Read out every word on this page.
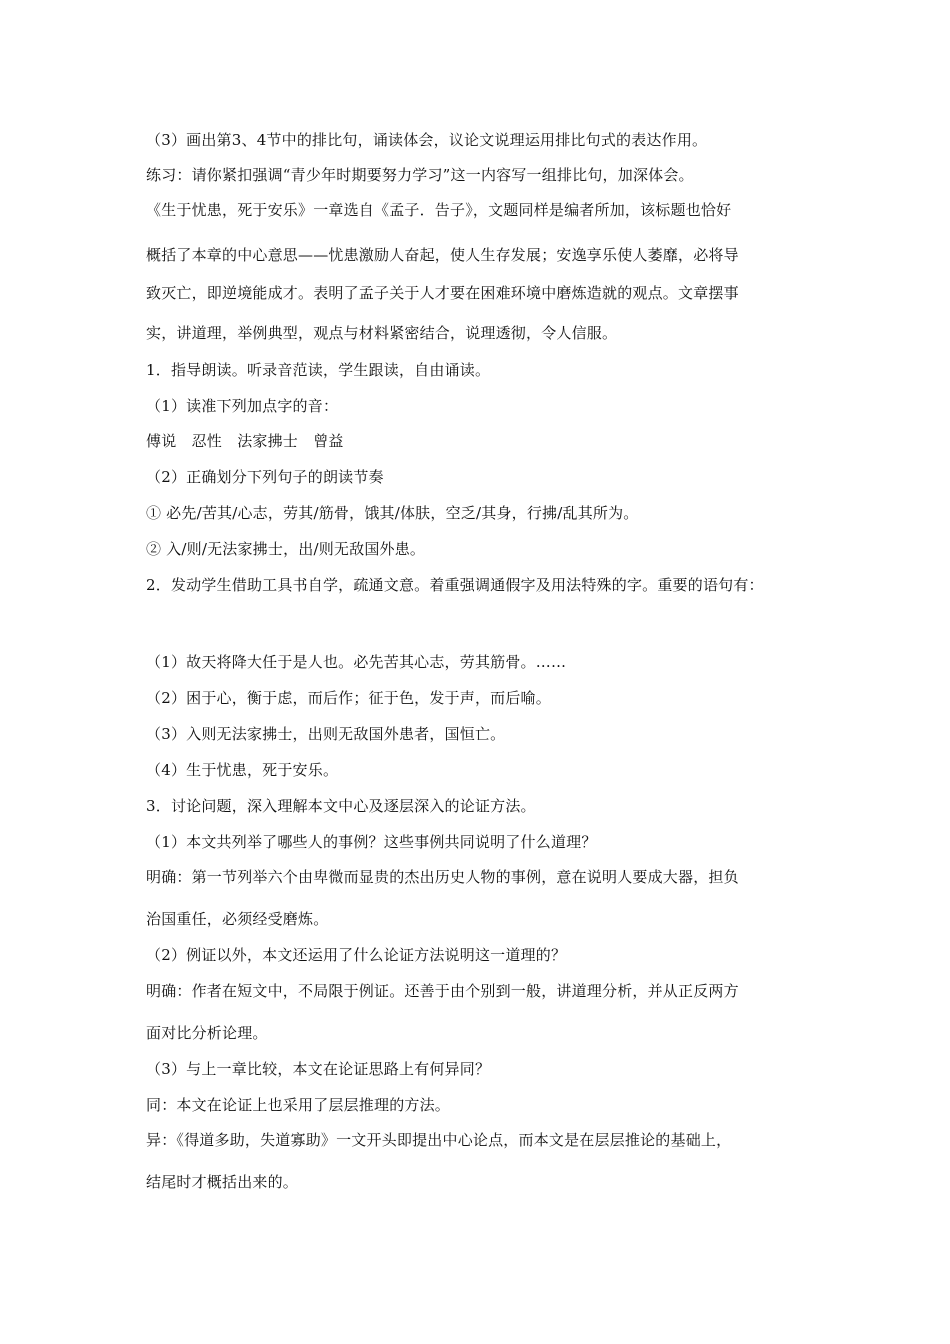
（3）画出第3、4节中的排比句，诵读体会，议论文说理运用排比句式的表达作用。
练习：请你紧扣强调“青少年时期要努力学习”这一内容写一组排比句，加深体会。
《生于忧患，死于安乐》一章选自《孟子．告子》，文题同样是编者所加，该标题也恰好
概括了本章的中心意思——忧患激励人奋起，使人生存发展；安逸享乐使人萎靡，必将导
致灭亡，即逆境能成才。表明了孟子关于人才要在困难环境中磨炼造就的观点。文章摆事
实，讲道理，举例典型，观点与材料紧密结合，说理透彻，令人信服。
1．指导朗读。听录音范读，学生跟读，自由诵读。
（1）读准下列加点字的音：
傅说　忍性　法家拂士　曾益
（2）正确划分下列句子的朗读节奏
① 必先/苦其/心志，劳其/筋骨，饿其/体肤，空乏/其身，行拂/乱其所为。
② 入/则/无法家拂士，出/则无敌国外患。
2．发动学生借助工具书自学，疏通文意。着重强调通假字及用法特殊的字。重要的语句有：
（1）故天将降大任于是人也。必先苦其心志，劳其筋骨。……
（2）困于心，衡于虑，而后作；征于色，发于声，而后喻。
（3）入则无法家拂士，出则无敌国外患者，国恒亡。
（4）生于忧患，死于安乐。
3．讨论问题，深入理解本文中心及逐层深入的论证方法。
（1）本文共列举了哪些人的事例？这些事例共同说明了什么道理？
明确：第一节列举六个由卑微而显贵的杰出历史人物的事例，意在说明人要成大器，担负
治国重任，必须经受磨炼。
（2）例证以外，本文还运用了什么论证方法说明这一道理的？
明确：作者在短文中，不局限于例证。还善于由个别到一般，讲道理分析，并从正反两方
面对比分析论理。
（3）与上一章比较，本文在论证思路上有何异同？
同：本文在论证上也采用了层层推理的方法。
异：《得道多助，失道寡助》一文开头即提出中心论点，而本文是在层层推论的基础上，
结尾时才概括出来的。
